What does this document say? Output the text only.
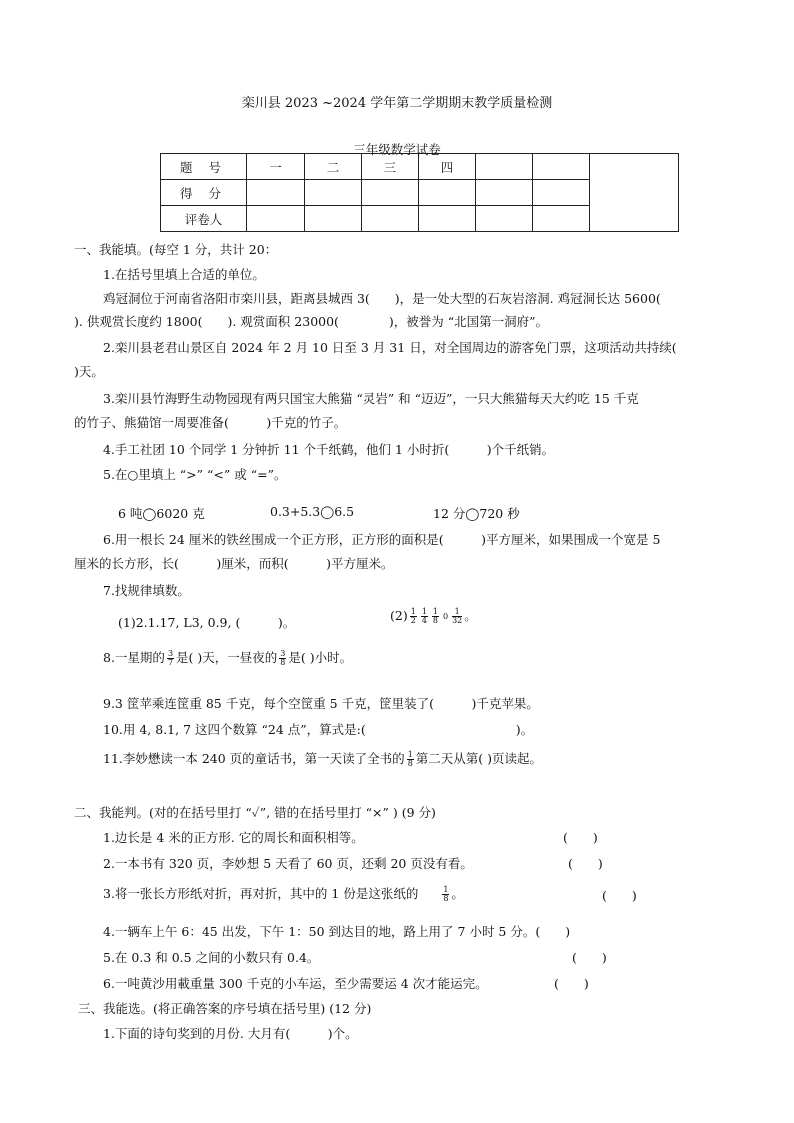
栾川县 2023 ~2024 学年第二学期期末教学质量检测
三年级数学试卷
题 号	一	二	三	四			
得 分							
评卷人							
一、我能填。(每空 1 分，共计 20：
1.在括号里填上合适的单位。
鸡冠洞位于河南省洛阳市栾川县，距离县城西 3(　　)，是一处大型的石灰岩溶洞. 鸡冠洞长达 5600(
). 供观赏长度约 1800(　　). 观赏面积 23000(　　　　)，被誉为 “北国第一洞府”。
2.栾川县老君山景区自 2024 年 2 月 10 日至 3 月 31 日，对全国周边的游客免门票，这项活动共持续(
)天。
3.栾川县竹海野生动物园现有两只国宝大熊猫 “灵岩” 和 “迈迈”，一只大熊猫每天大约吃 15 千克
的竹子、熊猫馆一周要准备(　　　)千克的竹子。
4.手工社团 10 个同学 1 分钟折 11 个千纸鹤，他们 1 小时折(　　　)个千纸销。
5.在○里填上 “>” “<” 或 “=”。
6 吨◯6020 克	0.3+5.3◯6.5	12 分◯720 秒
6.用一根长 24 厘米的铁丝围成一个正方形，正方形的面积是(　　　)平方厘米，如果围成一个宽是 5
厘米的长方形，长(　　　)厘米，而积(　　　)平方厘米。
7.找规律填数。
(1)2.1.17, L3, 0.9, (　　　)。	$(2) \frac{1}{2} \frac{1}{4} \frac{1}{8} 0 \frac{1}{32}$ 。
8.一星期的 $\frac{3}{7}$ 是( )天，一昼夜的 $\frac{3}{8}$ 是( )小时。
9.3 筐苹乘连筐重 85 千克，每个空筐重 5 千克，筐里装了(　　　)千克苹果。
10.用 4, 8.1, 7 这四个数算 “24 点”，算式是:(　　　　　　　　　　　　)。
11.李妙懋读一本 240 页的童话书，第一天读了全书的 $\frac{1}{8}$ 第二天从第( )页读起。
二、我能判。(对的在括号里打 “✓”, 错的在括号里打 “×” ) (9 分)
1.边长是 4 米的正方形. 它的周长和面积相等。	(　　)
2.一本书有 320 页，李妙想 5 天看了 60 页，还剩 20 页没有看。	(　　)
3.将一张长方形纸对折，再对折，其中的 1 份是这张纸的	$\frac{1}{8}$ 。	(　　)
4.一辆车上午 6：45 出发，下午 1：50 到达目的地，路上用了 7 小时 5 分。(　　)
5.在 0.3 和 0.5 之间的小数只有 0.4。	(　　)
6.一吨黄沙用載重量 300 千克的小车运，至少需要运 4 次才能运完。	(　　)
三、我能选。(将正确答案的序号填在括号里) (12 分)
1.下面的诗句奖到的月份. 大月有(　　　)个。
